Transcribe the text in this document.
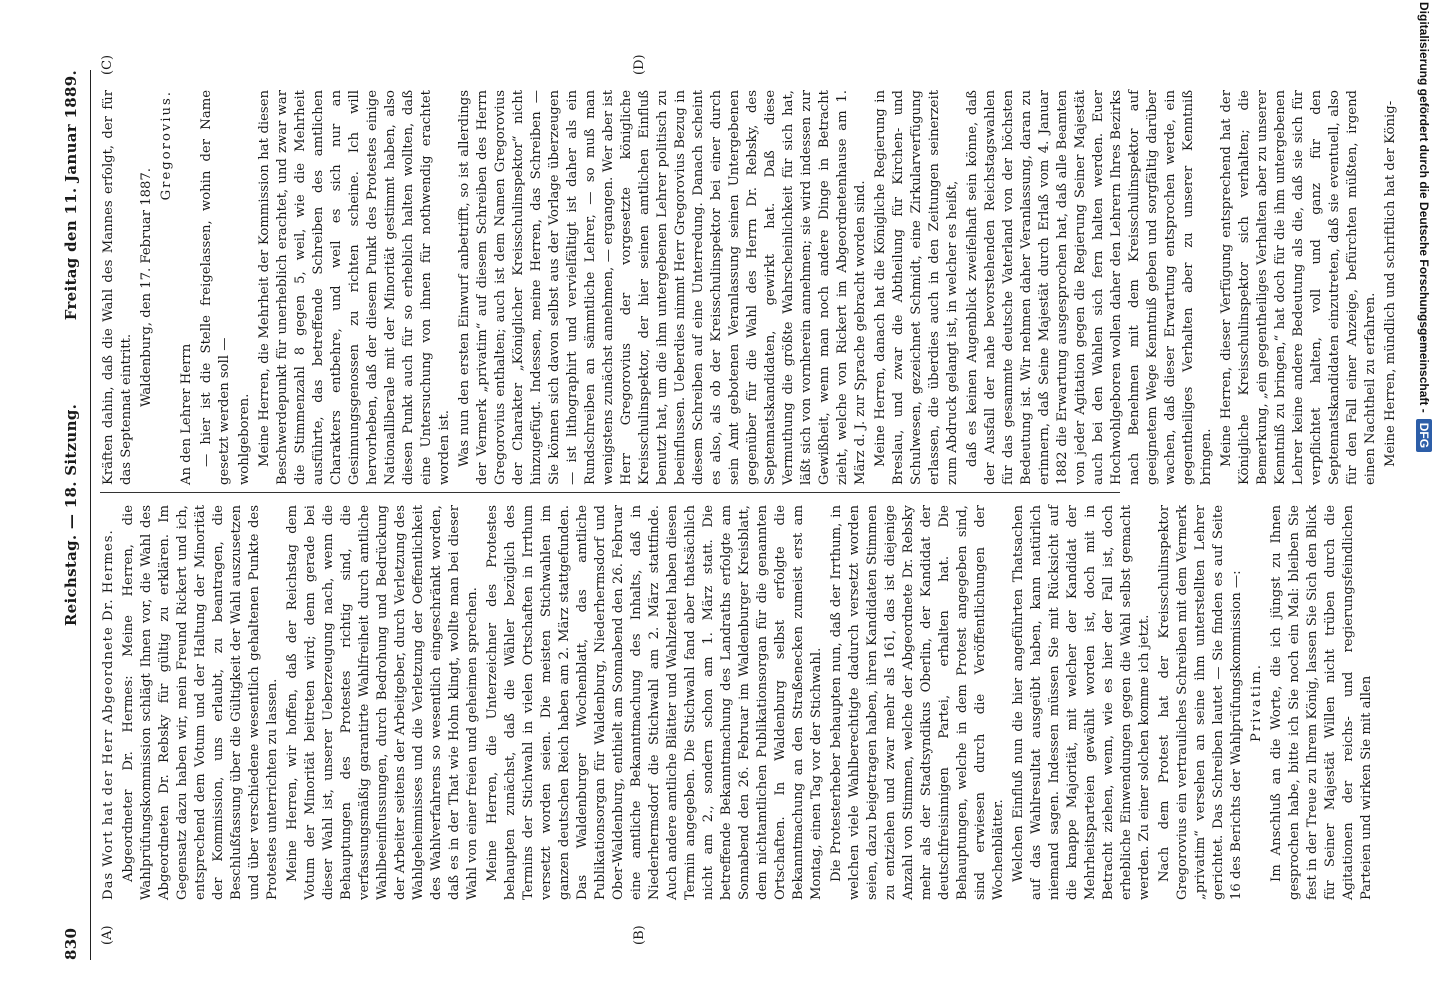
830
Reichstag. — 18. Sitzung.
Freitag den 11. Januar 1889.
(A)	(B)
(C)	(D)

Das Wort hat der Herr Abgeordnete Dr. Hermes. Abgeordneter Dr. Hermes: Meine Herren, die Wahlprüfungskommission schlägt Ihnen vor, die Wahl des Abgeordneten Dr. Rebsky für gültig zu erklären. Im Gegensatz dazu haben wir, mein Freund Rickert und ich, entsprechend dem Votum und der Haltung der Minorität der Kommission, uns erlaubt, zu beantragen, die Beschlußfassung über die Gültigkeit der Wahl auszusetzen und über verschiedene wesentlich gehaltenen Punkte des Protestes unterrichten zu lassen. Meine Herren, wir hoffen, daß der Reichstag dem Votum der Minorität beitreten wird; denn gerade bei dieser Wahl ist, unserer Ueberzeugung nach, wenn die Behauptungen des Protestes richtig sind, die verfassungsmäßig garantirte Wahlfreiheit durch amtliche Wahlbeeinflussungen, durch Bedrohung und Bedrückung der Arbeiter seitens der Arbeitgeber, durch Verletzung des Wahlgeheimnisses und die Verletzung der Oeffentlichkeit des Wahlverfahrens so wesentlich eingeschränkt worden, daß es in der That wie Hohn klingt, wollte man bei dieser Wahl von einer freien und geheimen sprechen. Meine Herren, die Unterzeichner des Protestes behaupten zunächst, daß die Wähler bezüglich des Termins der Stichwahl in vielen Ortschaften in Irrthum versetzt worden seien. Die meisten Stichwahlen im ganzen deutschen Reich haben am 2. März stattgefunden. Das Waldenburger Wochenblatt, das amtliche Publikationsorgan für Waldenburg, Niederhermsdorf und Ober-Waldenburg, enthielt am Sonnabend den 26. Februar eine amtliche Bekanntmachung des Inhalts, daß in Niederhermsdorf die Stichwahl am 2. März stattfinde. Auch andere amtliche Blätter und Wahlzettel haben diesen Termin angegeben. Die Stichwahl fand aber thatsächlich nicht am 2., sondern schon am 1. März statt. Die betreffende Bekanntmachung des Landraths erfolgte am Sonnabend den 26. Februar im Waldenburger Kreisblatt, dem nichtamtlichen Publikationsorgan für die genannten Ortschaften. In Waldenburg selbst erfolgte die Bekanntmachung an den Straßenecken zumeist erst am Montag, einen Tag vor der Stichwahl. Die Protesterheber behaupten nun, daß der Irrthum, in welchen viele Wahlberechtigte dadurch versetzt worden seien, dazu beigetragen haben, ihren Kandidaten Stimmen zu entziehen und zwar mehr als 161, das ist diejenige Anzahl von Stimmen, welche der Abgeordnete Dr. Rebsky mehr als der Stadtsyndikus Oberlin, der Kandidat der deutschfreisinnigen Partei, erhalten hat. Die Behauptungen, welche in dem Protest angegeben sind, sind erwiesen durch die Veröffentlichungen der Wochenblätter. Welchen Einfluß nun die hier angeführten Thatsachen auf das Wahlresultat ausgeübt haben, kann natürlich niemand sagen. Indessen müssen Sie mit Rücksicht auf die knappe Majorität, mit welcher der Kandidat der Mehrheitsparteien gewählt worden ist, doch mit in Betracht ziehen, wenn, wie es hier der Fall ist, doch erhebliche Einwendungen gegen die Wahl selbst gemacht werden. Zu einer solchen komme ich jetzt. Nach dem Protest hat der Kreisschulinspektor Gregorovius ein vertrauliches Schreiben mit dem Vermerk „privatim“ versehen an seine ihm unterstellten Lehrer gerichtet. Das Schreiben lautet — Sie finden es auf Seite 16 des Berichts der Wahlprüfungskommission —: Privatim. Im Anschluß an die Worte, die ich jüngst zu Ihnen gesprochen habe, bitte ich Sie noch ein Mal: bleiben Sie fest in der Treue zu Ihrem König, lassen Sie Sich den Blick für Seiner Majestät Willen nicht trüben durch die Agitationen der reichs- und regierungsfeindlichen Parteien und wirken Sie mit allen

Kräften dahin, daß die Wahl des Mannes erfolgt, der für das Septennat eintritt.

Waldenburg, den 17. Februar 1887.

Gregorovius.

An den Lehrer Herrn — hier ist die Stelle freigelassen, wohin der Name gesetzt werden soll — wohlgeboren. Meine Herren, die Mehrheit der Kommission hat diesen Beschwerdepunkt für unerheblich erachtet, und zwar war die Stimmenzahl 8 gegen 5, weil, wie die Mehrheit ausführte, das betreffende Schreiben des amtlichen Charakters entbehre, und weil es sich nur an Gesinnungsgenossen zu richten scheine. Ich will hervorheben, daß der diesem Punkt des Protestes einige Nationalliberale mit der Minorität gestimmt haben, also diesen Punkt auch für so erheblich halten wollten, daß eine Untersuchung von ihnen für nothwendig erachtet worden ist. Was nun den ersten Einwurf anbetrifft, so ist allerdings der Vermerk „privatim“ auf diesem Schreiben des Herrn Gregorovius enthalten; auch ist dem Namen Gregorovius der Charakter „Königlicher Kreisschulinspektor“ nicht hinzugefügt. Indessen, meine Herren, das Schreiben — Sie können sich davon selbst aus der Vorlage überzeugen — ist lithographirt und vervielfältigt ist daher als ein Rundschreiben an sämmtliche Lehrer, — so muß man wenigstens zunächst annehmen, — ergangen. Wer aber ist Herr Gregorovius der vorgesetzte königliche Kreisschulinspektor, der hier seinen amtlichen Einfluß benutzt hat, um die ihm untergebenen Lehrer politisch zu beeinflussen. Ueberdies nimmt Herr Gregorovius Bezug in diesem Schreiben auf eine Unterredung. Danach scheint es also, als ob der Kreisschulinspektor bei einer durch sein Amt gebotenen Veranlassung seinen Untergebenen gegenüber für die Wahl des Herrn Dr. Rebsky, des Septennatskandidaten, gewirkt hat. Daß diese Vermuthung die größte Wahrscheinlichkeit für sich hat, läßt sich von vornherein annehmen; sie wird indessen zur Gewißheit, wenn man noch andere Dinge in Betracht zieht, welche von Rickert im Abgeordnetenhause am 1. März d. J. zur Sprache gebracht worden sind. Meine Herren, danach hat die Königliche Regierung in Breslau, und zwar die Abtheilung für Kirchen- und Schulwesen, gezeichnet Schmidt, eine Zirkularverfügung erlassen, die überdies auch in den Zeitungen seinerzeit zum Abdruck gelangt ist, in welcher es heißt, daß es keinen Augenblick zweifelhaft sein könne, daß der Ausfall der nahe bevorstehenden Reichstagswahlen für das gesammte deutsche Vaterland von der höchsten Bedeutung ist. Wir nehmen daher Veranlassung, daran zu erinnern, daß Seine Majestät durch Erlaß vom 4. Januar 1882 die Erwartung ausgesprochen hat, daß alle Beamten von jeder Agitation gegen die Regierung Seiner Majestät auch bei den Wahlen sich fern halten werden. Euer Hochwohlgeboren wollen daher den Lehrern Ihres Bezirks nach Benehmen mit dem Kreisschulinspektor auf geeignetem Wege Kenntniß geben und sorgfältig darüber wachen, daß dieser Erwartung entsprochen werde, ein gegentheiliges Verhalten aber zu unserer Kenntniß bringen. Meine Herren, dieser Verfügung entsprechend hat der Königliche Kreisschulinspektor sich verhalten; die Bemerkung, „ein gegentheiliges Verhalten aber zu unserer Kenntniß zu bringen,“ hat doch für die ihm untergebenen Lehrer keine andere Bedeutung als die, daß sie sich für verpflichtet halten, voll und ganz für den Septennatskandidaten einzutreten, daß sie eventuell, also für den Fall einer Anzeige, befürchten müßten, irgend einen Nachtheil zu erfahren. Meine Herren, mündlich und schriftlich hat der König- Digitalisierung gefördert durch die Deutsche Forschungsgemeinschaft -DFG
